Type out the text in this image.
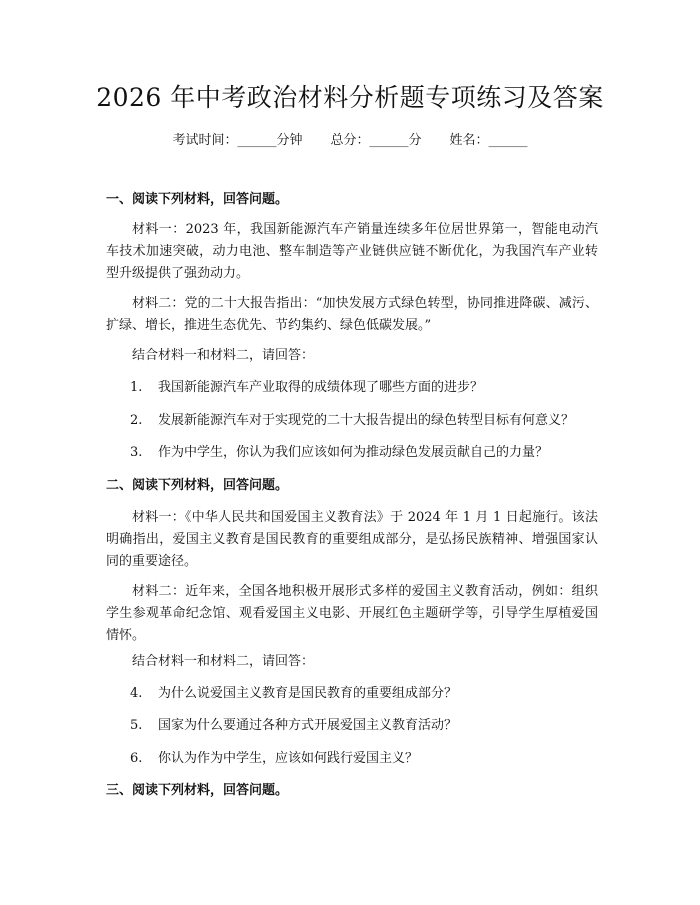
2026 年中考政治材料分析题专项练习及答案
考试时间：______分钟 总分：______分 姓名：______
一、阅读下列材料，回答问题。
材料一：2023 年，我国新能源汽车产销量连续多年位居世界第一，智能电动汽车技术加速突破，动力电池、整车制造等产业链供应链不断优化，为我国汽车产业转型升级提供了强劲动力。
材料二：党的二十大报告指出：“加快发展方式绿色转型，协同推进降碳、减污、扩绿、增长，推进生态优先、节约集约、绿色低碳发展。”
结合材料一和材料二，请回答：
1. 我国新能源汽车产业取得的成绩体现了哪些方面的进步？
2. 发展新能源汽车对于实现党的二十大报告提出的绿色转型目标有何意义？
3. 作为中学生，你认为我们应该如何为推动绿色发展贡献自己的力量？
二、阅读下列材料，回答问题。
材料一：《中华人民共和国爱国主义教育法》于 2024 年 1 月 1 日起施行。该法明确指出，爱国主义教育是国民教育的重要组成部分，是弘扬民族精神、增强国家认同的重要途径。
材料二：近年来，全国各地积极开展形式多样的爱国主义教育活动，例如：组织学生参观革命纪念馆、观看爱国主义电影、开展红色主题研学等，引导学生厚植爱国情怀。
结合材料一和材料二，请回答：
4. 为什么说爱国主义教育是国民教育的重要组成部分？
5. 国家为什么要通过各种方式开展爱国主义教育活动？
6. 你认为作为中学生，应该如何践行爱国主义？
三、阅读下列材料，回答问题。
